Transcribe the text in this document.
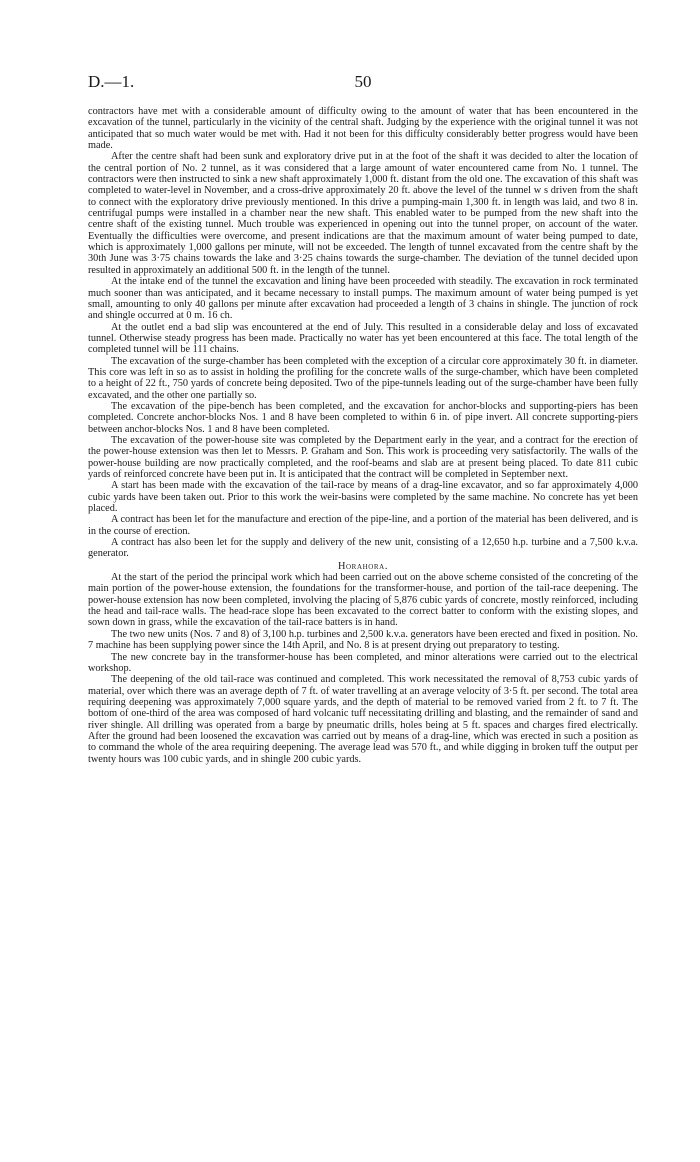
D.—1.	50

contractors have met with a considerable amount of difficulty owing to the amount of water that has been encountered in the excavation of the tunnel, particularly in the vicinity of the central shaft. Judging by the experience with the original tunnel it was not anticipated that so much water would be met with. Had it not been for this difficulty considerably better progress would have been made.

After the centre shaft had been sunk and exploratory drive put in at the foot of the shaft it was decided to alter the location of the central portion of No. 2 tunnel, as it was considered that a large amount of water encountered came from No. 1 tunnel. The contractors were then instructed to sink a new shaft approximately 1,000 ft. distant from the old one. The excavation of this shaft was completed to water-level in November, and a cross-drive approximately 20 ft. above the level of the tunnel w s driven from the shaft to connect with the exploratory drive previously mentioned. In this drive a pumping-main 1,300 ft. in length was laid, and two 8 in. centrifugal pumps were installed in a chamber near the new shaft. This enabled water to be pumped from the new shaft into the centre shaft of the existing tunnel. Much trouble was experienced in opening out into the tunnel proper, on account of the water. Eventually the difficulties were overcome, and present indications are that the maximum amount of water being pumped to date, which is approximately 1,000 gallons per minute, will not be exceeded. The length of tunnel excavated from the centre shaft by the 30th June was 3·75 chains towards the lake and 3·25 chains towards the surge-chamber. The deviation of the tunnel decided upon resulted in approximately an additional 500 ft. in the length of the tunnel.

At the intake end of the tunnel the excavation and lining have been proceeded with steadily. The excavation in rock terminated much sooner than was anticipated, and it became necessary to install pumps. The maximum amount of water being pumped is yet small, amounting to only 40 gallons per minute after excavation had proceeded a length of 3 chains in shingle. The junction of rock and shingle occurred at 0 m. 16 ch.

At the outlet end a bad slip was encountered at the end of July. This resulted in a considerable delay and loss of excavated tunnel. Otherwise steady progress has been made. Practically no water has yet been encountered at this face. The total length of the completed tunnel will be 111 chains.

The excavation of the surge-chamber has been completed with the exception of a circular core approximately 30 ft. in diameter. This core was left in so as to assist in holding the profiling for the concrete walls of the surge-chamber, which have been completed to a height of 22 ft., 750 yards of concrete being deposited. Two of the pipe-tunnels leading out of the surge-chamber have been fully excavated, and the other one partially so.

The excavation of the pipe-bench has been completed, and the excavation for anchor-blocks and supporting-piers has been completed. Concrete anchor-blocks Nos. 1 and 8 have been completed to within 6 in. of pipe invert. All concrete supporting-piers between anchor-blocks Nos. 1 and 8 have been completed.

The excavation of the power-house site was completed by the Department early in the year, and a contract for the erection of the power-house extension was then let to Messrs. P. Graham and Son. This work is proceeding very satisfactorily. The walls of the power-house building are now practically completed, and the roof-beams and slab are at present being placed. To date 811 cubic yards of reinforced concrete have been put in. It is anticipated that the contract will be completed in September next.

A start has been made with the excavation of the tail-race by means of a drag-line excavator, and so far approximately 4,000 cubic yards have been taken out. Prior to this work the weir-basins were completed by the same machine. No concrete has yet been placed.

A contract has been let for the manufacture and erection of the pipe-line, and a portion of the material has been delivered, and is in the course of erection.

A contract has also been let for the supply and delivery of the new unit, consisting of a 12,650 h.p. turbine and a 7,500 k.v.a. generator.

Horahora.

At the start of the period the principal work which had been carried out on the above scheme consisted of the concreting of the main portion of the power-house extension, the foundations for the transformer-house, and portion of the tail-race deepening. The power-house extension has now been completed, involving the placing of 5,876 cubic yards of concrete, mostly reinforced, including the head and tail-race walls. The head-race slope has been excavated to the correct batter to conform with the existing slopes, and sown down in grass, while the excavation of the tail-race batters is in hand.

The two new units (Nos. 7 and 8) of 3,100 h.p. turbines and 2,500 k.v.a. generators have been erected and fixed in position. No. 7 machine has been supplying power since the 14th April, and No. 8 is at present drying out preparatory to testing.

The new concrete bay in the transformer-house has been completed, and minor alterations were carried out to the electrical workshop.

The deepening of the old tail-race was continued and completed. This work necessitated the removal of 8,753 cubic yards of material, over which there was an average depth of 7 ft. of water travelling at an average velocity of 3·5 ft. per second. The total area requiring deepening was approximately 7,000 square yards, and the depth of material to be removed varied from 2 ft. to 7 ft. The bottom of one-third of the area was composed of hard volcanic tuff necessitating drilling and blasting, and the remainder of sand and river shingle. All drilling was operated from a barge by pneumatic drills, holes being at 5 ft. spaces and charges fired electrically. After the ground had been loosened the excavation was carried out by means of a drag-line, which was erected in such a position as to command the whole of the area requiring deepening. The average lead was 570 ft., and while digging in broken tuff the output per twenty hours was 100 cubic yards, and in shingle 200 cubic yards.
